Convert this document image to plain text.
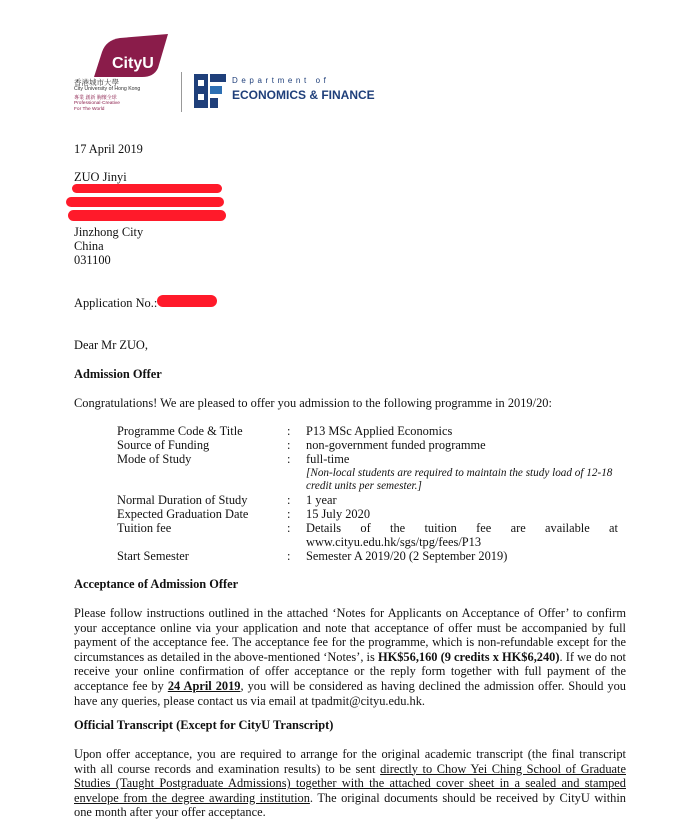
CityU
香港城市大學
City University of Hong Kong
專業 創新 胸懷全球
Professional·Creative
For The World
Department of
ECONOMICS & FINANCE
17 April 2019
ZUO Jinyi
Jinzhong City
China
031100
Application No.:
Dear Mr ZUO,
Admission Offer
Congratulations! We are pleased to offer you admission to the following programme in 2019/20:
Programme Code & Title	: P13 MSc Applied Economics
Source of Funding	: non-government funded programme
Mode of Study	: full-time
[Non-local students are required to maintain the study load of 12-18
credit units per semester.]
Normal Duration of Study	: 1 year
Expected Graduation Date	: 15 July 2020
Tuition fee	: Details of the tuition fee are available at
www.cityu.edu.hk/sgs/tpg/fees/P13
Start Semester	: Semester A 2019/20 (2 September 2019)
Acceptance of Admission Offer
Please follow instructions outlined in the attached ‘Notes for Applicants on Acceptance of Offer’ to confirm your acceptance online via your application and note that acceptance of offer must be accompanied by full payment of the acceptance fee. The acceptance fee for the programme, which is non-refundable except for the circumstances as detailed in the above-mentioned ‘Notes’, is HK$56,160 (9 credits x HK$6,240). If we do not receive your online confirmation of offer acceptance or the reply form together with full payment of the acceptance fee by 24 April 2019, you will be considered as having declined the admission offer. Should you have any queries, please contact us via email at tpadmit@cityu.edu.hk.
Official Transcript (Except for CityU Transcript)
Upon offer acceptance, you are required to arrange for the original academic transcript (the final transcript with all course records and examination results) to be sent directly to Chow Yei Ching School of Graduate Studies (Taught Postgraduate Admissions) together with the attached cover sheet in a sealed and stamped envelope from the degree awarding institution. The original documents should be received by CityU within one month after your offer acceptance.
